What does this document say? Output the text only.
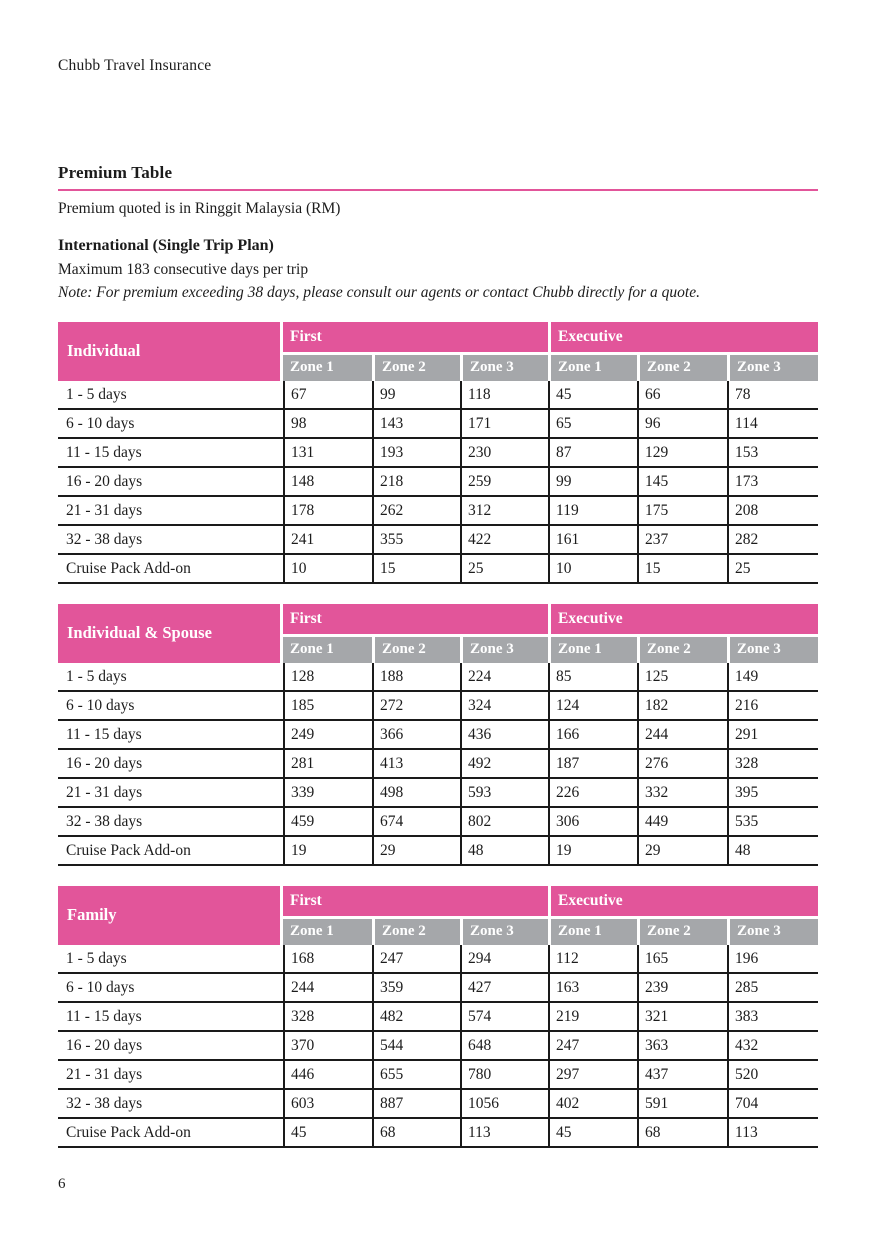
Chubb Travel Insurance
Premium Table
Premium quoted is in Ringgit Malaysia (RM)
International (Single Trip Plan)
Maximum 183 consecutive days per trip
Note: For premium exceeding 38 days, please consult our agents or contact Chubb directly for a quote.
Individual	First			Executive		
	Zone 1	Zone 2	Zone 3	Zone 1	Zone 2	Zone 3
1 - 5 days	67	99	118	45	66	78
6 - 10 days	98	143	171	65	96	114
11 - 15 days	131	193	230	87	129	153
16 - 20 days	148	218	259	99	145	173
21 - 31 days	178	262	312	119	175	208
32 - 38 days	241	355	422	161	237	282
Cruise Pack Add-on	10	15	25	10	15	25
Individual & Spouse	First			Executive		
	Zone 1	Zone 2	Zone 3	Zone 1	Zone 2	Zone 3
1 - 5 days	128	188	224	85	125	149
6 - 10 days	185	272	324	124	182	216
11 - 15 days	249	366	436	166	244	291
16 - 20 days	281	413	492	187	276	328
21 - 31 days	339	498	593	226	332	395
32 - 38 days	459	674	802	306	449	535
Cruise Pack Add-on	19	29	48	19	29	48
Family	First			Executive		
	Zone 1	Zone 2	Zone 3	Zone 1	Zone 2	Zone 3
1 - 5 days	168	247	294	112	165	196
6 - 10 days	244	359	427	163	239	285
11 - 15 days	328	482	574	219	321	383
16 - 20 days	370	544	648	247	363	432
21 - 31 days	446	655	780	297	437	520
32 - 38 days	603	887	1056	402	591	704
Cruise Pack Add-on	45	68	113	45	68	113
6
